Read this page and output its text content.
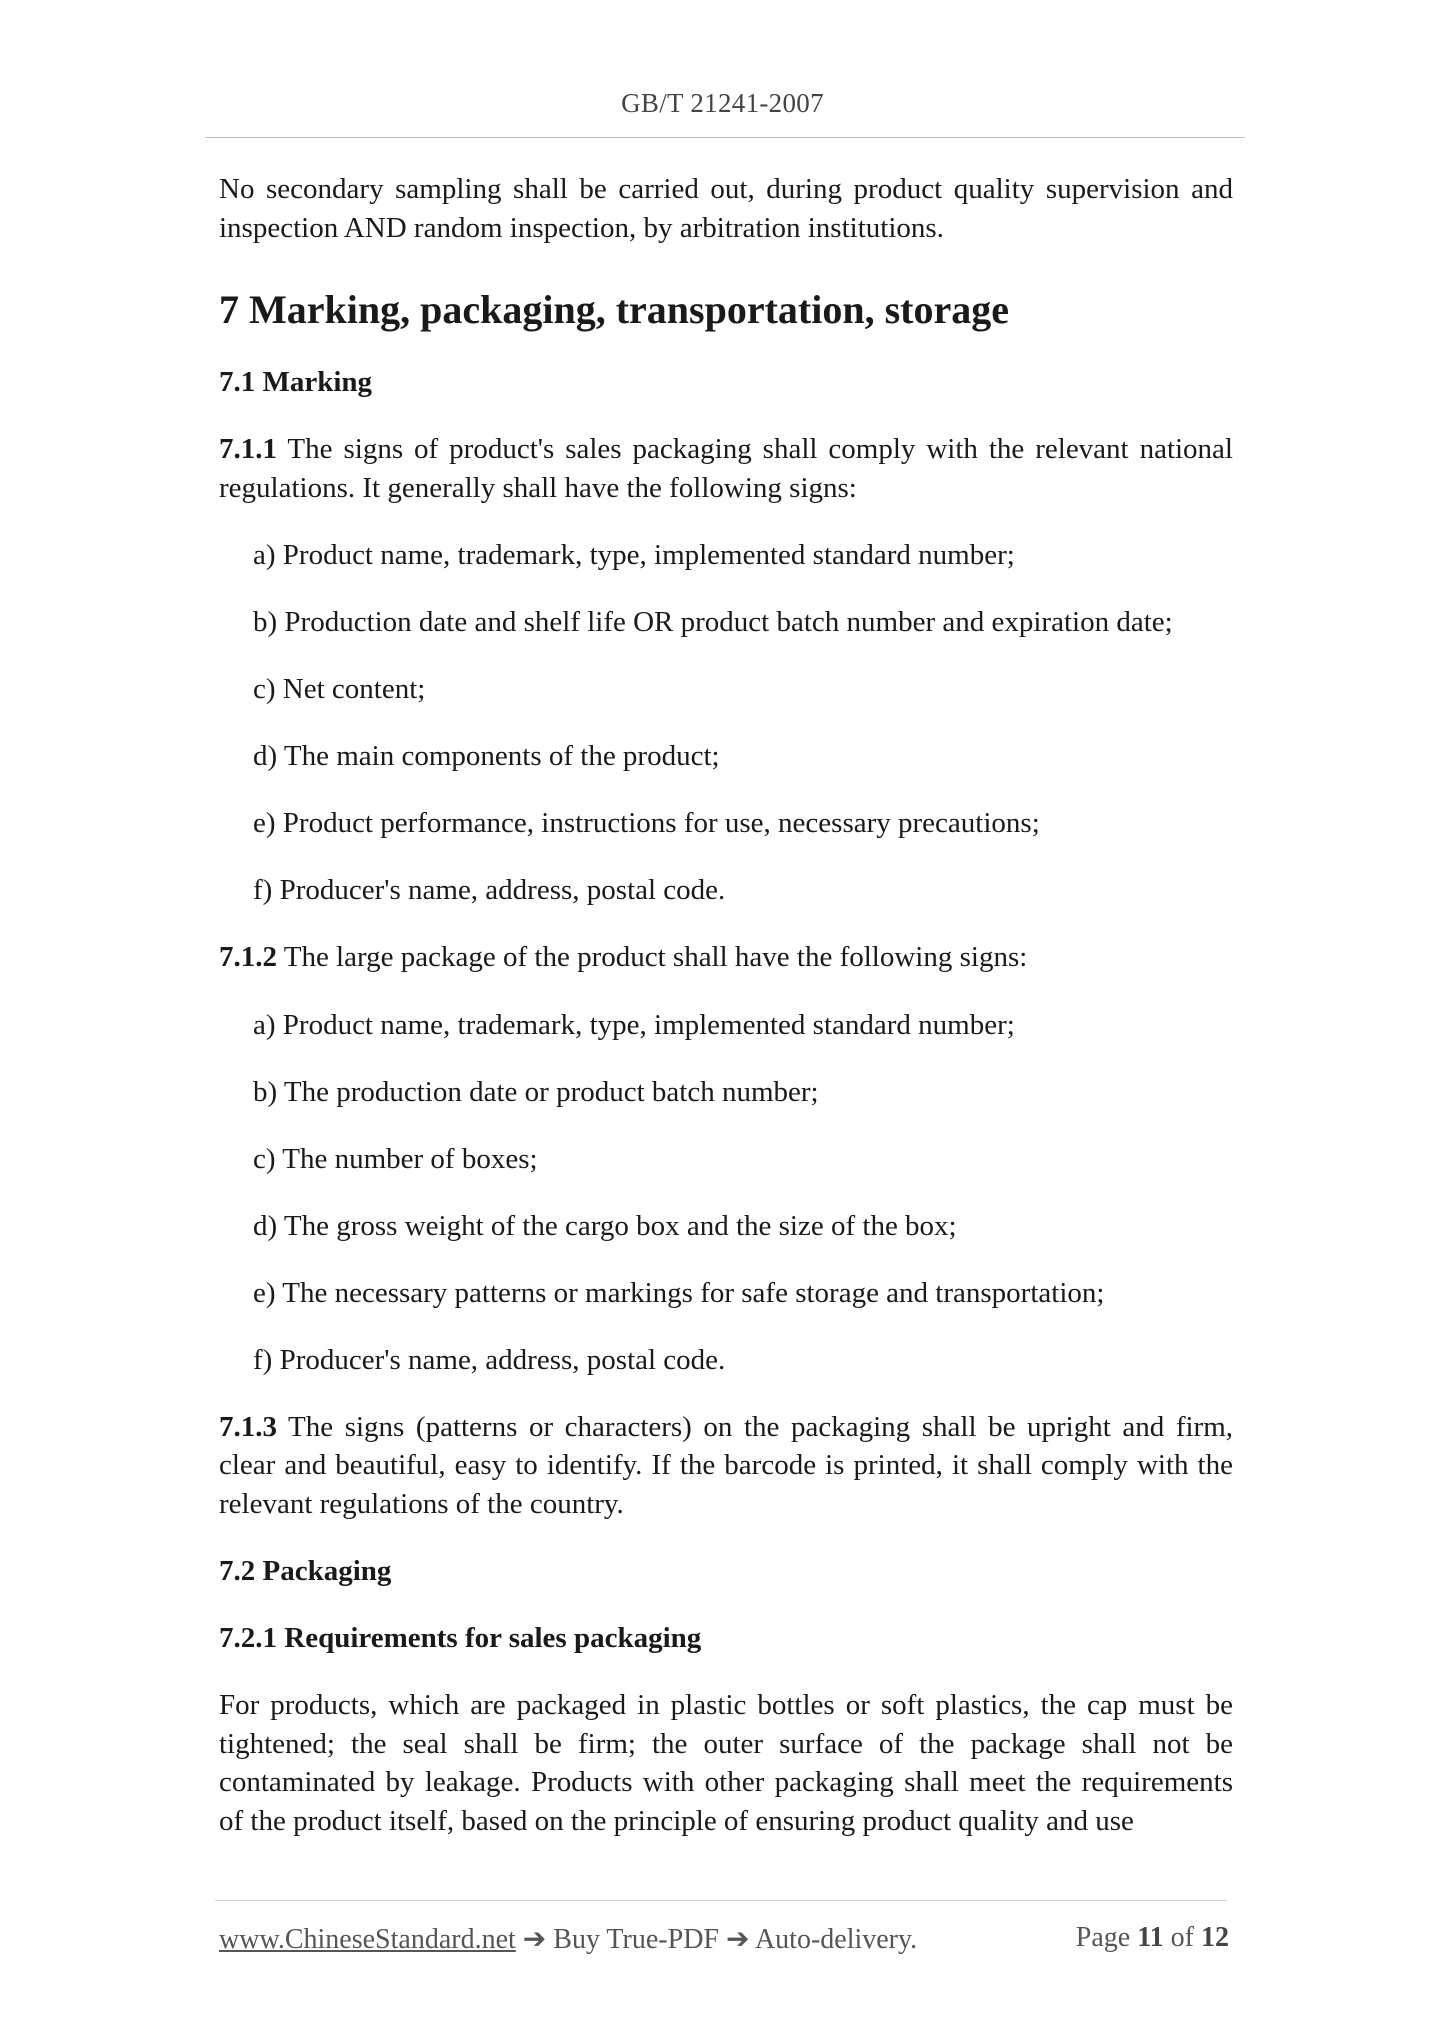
GB/T 21241-2007

No secondary sampling shall be carried out, during product quality supervision and inspection AND random inspection, by arbitration institutions.

7 Marking, packaging, transportation, storage

7.1 Marking

7.1.1 The signs of product's sales packaging shall comply with the relevant national regulations. It generally shall have the following signs:

a) Product name, trademark, type, implemented standard number;

b) Production date and shelf life OR product batch number and expiration date;

c) Net content;

d) The main components of the product;

e) Product performance, instructions for use, necessary precautions;

f) Producer's name, address, postal code.

7.1.2 The large package of the product shall have the following signs:

a) Product name, trademark, type, implemented standard number;

b) The production date or product batch number;

c) The number of boxes;

d) The gross weight of the cargo box and the size of the box;

e) The necessary patterns or markings for safe storage and transportation;

f) Producer's name, address, postal code.

7.1.3 The signs (patterns or characters) on the packaging shall be upright and firm, clear and beautiful, easy to identify. If the barcode is printed, it shall comply with the relevant regulations of the country.

7.2 Packaging

7.2.1 Requirements for sales packaging

For products, which are packaged in plastic bottles or soft plastics, the cap must be tightened; the seal shall be firm; the outer surface of the package shall not be contaminated by leakage. Products with other packaging shall meet the requirements of the product itself, based on the principle of ensuring product quality and use

www.ChineseStandard.net ➔ Buy True-PDF ➔ Auto-delivery.	Page 11 of 12
